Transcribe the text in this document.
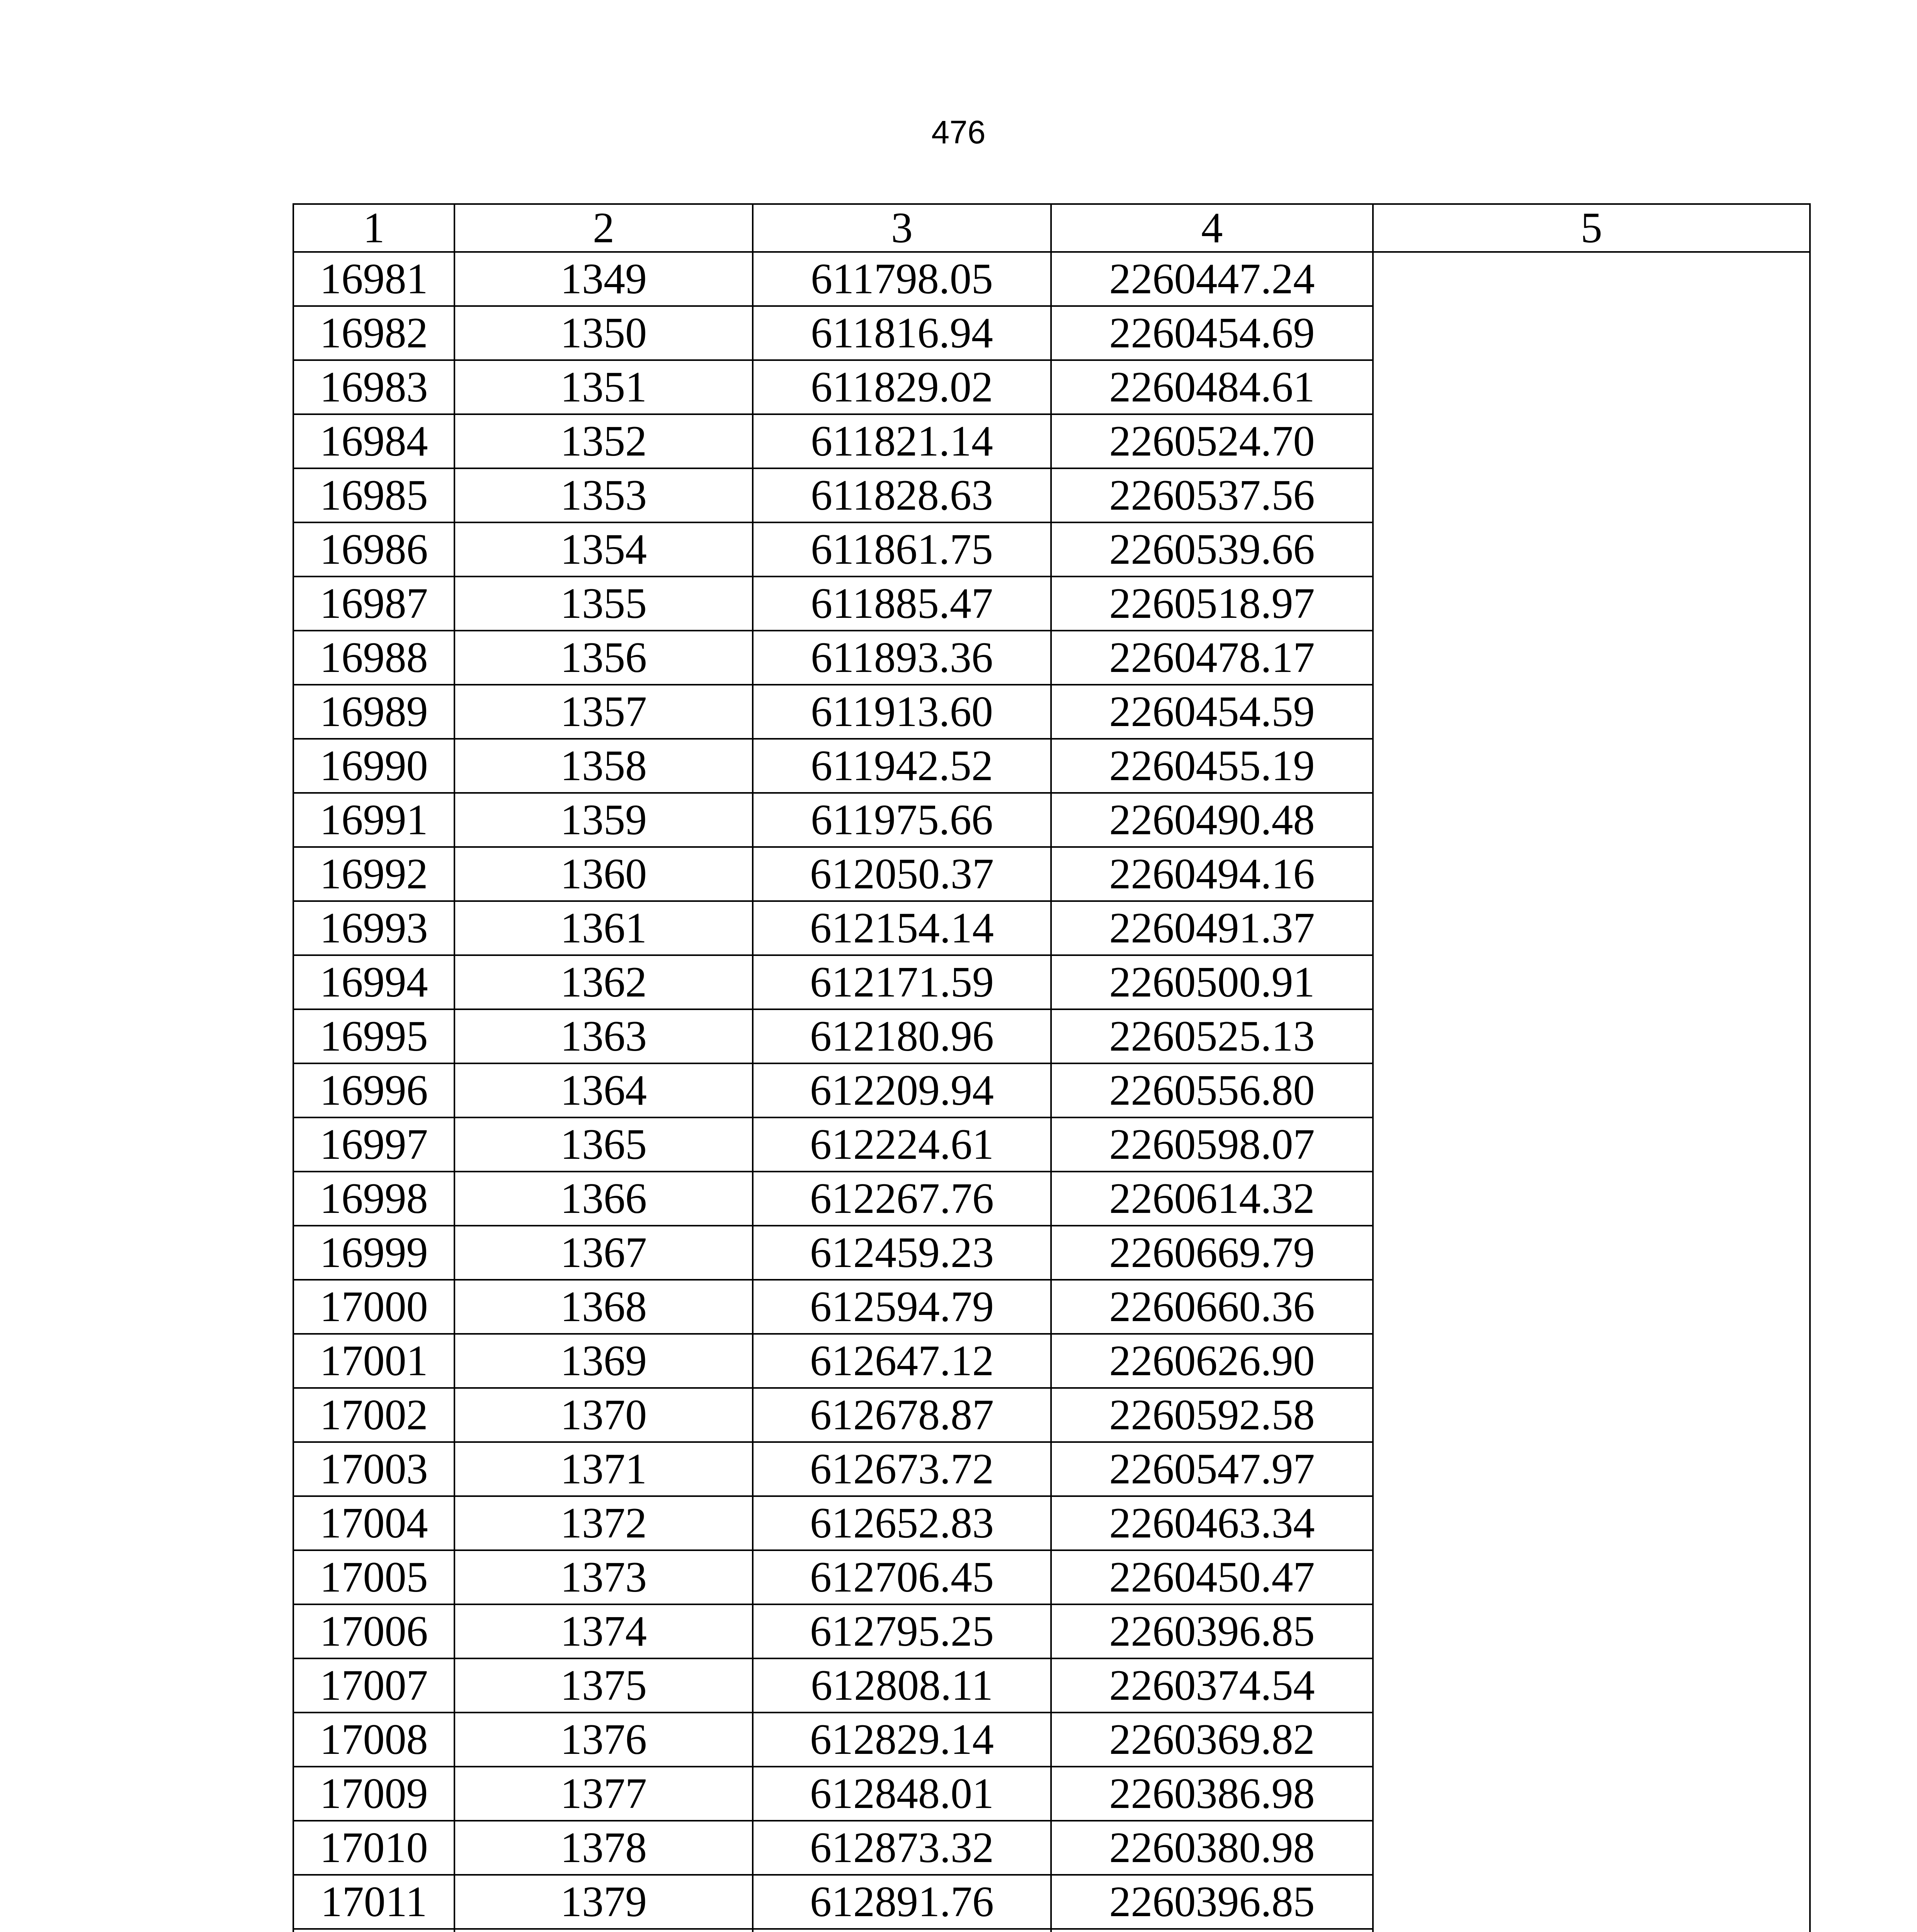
476
1	2	3	4	5
16981	1349	611798.05	2260447.24	
16982	1350	611816.94	2260454.69	
16983	1351	611829.02	2260484.61	
16984	1352	611821.14	2260524.70	
16985	1353	611828.63	2260537.56	
16986	1354	611861.75	2260539.66	
16987	1355	611885.47	2260518.97	
16988	1356	611893.36	2260478.17	
16989	1357	611913.60	2260454.59	
16990	1358	611942.52	2260455.19	
16991	1359	611975.66	2260490.48	
16992	1360	612050.37	2260494.16	
16993	1361	612154.14	2260491.37	
16994	1362	612171.59	2260500.91	
16995	1363	612180.96	2260525.13	
16996	1364	612209.94	2260556.80	
16997	1365	612224.61	2260598.07	
16998	1366	612267.76	2260614.32	
16999	1367	612459.23	2260669.79	
17000	1368	612594.79	2260660.36	
17001	1369	612647.12	2260626.90	
17002	1370	612678.87	2260592.58	
17003	1371	612673.72	2260547.97	
17004	1372	612652.83	2260463.34	
17005	1373	612706.45	2260450.47	
17006	1374	612795.25	2260396.85	
17007	1375	612808.11	2260374.54	
17008	1376	612829.14	2260369.82	
17009	1377	612848.01	2260386.98	
17010	1378	612873.32	2260380.98	
17011	1379	612891.76	2260396.85	
